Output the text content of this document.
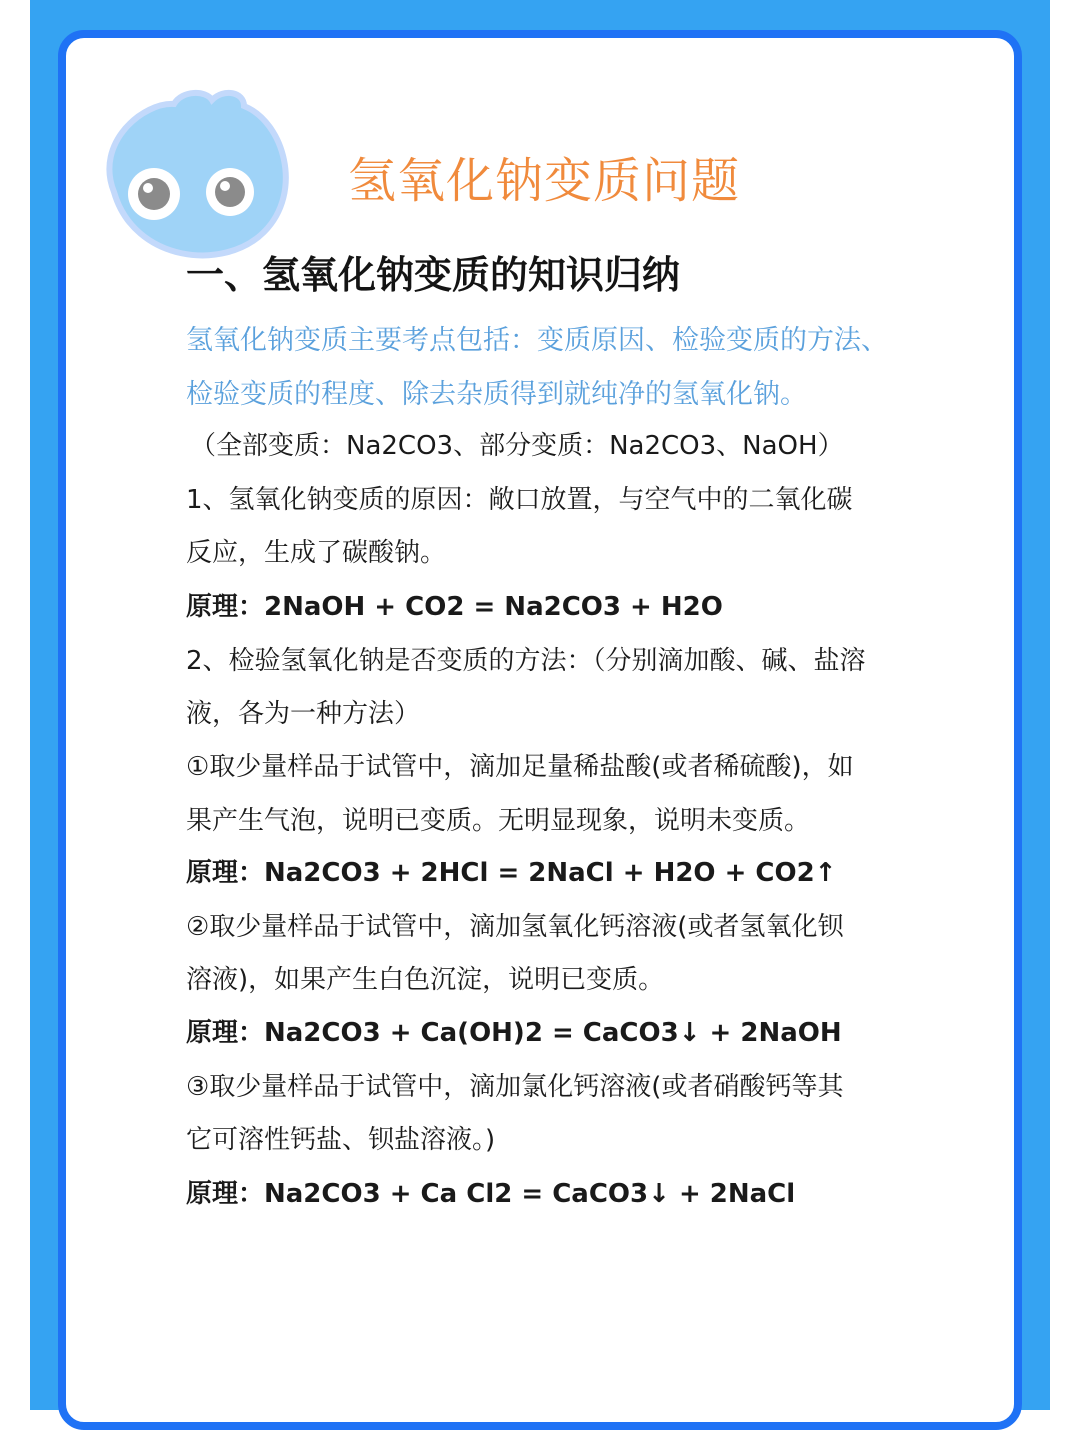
氢氧化钠变质问题
一、氢氧化钠变质的知识归纳
氢氧化钠变质主要考点包括：变质原因、检验变质的方法、
检验变质的程度、除去杂质得到就纯净的氢氧化钠。
（全部变质：Na2CO3、部分变质：Na2CO3、NaOH）
1、氢氧化钠变质的原因：敞口放置，与空气中的二氧化碳
反应，生成了碳酸钠。
原理：2NaOH + CO2 = Na2CO3 + H2O
2、检验氢氧化钠是否变质的方法：（分别滴加酸、碱、盐溶
液，各为一种方法）
①取少量样品于试管中，滴加足量稀盐酸(或者稀硫酸)，如
果产生气泡，说明已变质。无明显现象，说明未变质。
原理：Na2CO3 + 2HCl = 2NaCl + H2O + CO2↑
②取少量样品于试管中，滴加氢氧化钙溶液(或者氢氧化钡
溶液)，如果产生白色沉淀，说明已变质。
原理：Na2CO3 + Ca(OH)2 = CaCO3↓ + 2NaOH
③取少量样品于试管中，滴加氯化钙溶液(或者硝酸钙等其
它可溶性钙盐、钡盐溶液。)
原理：Na2CO3 + Ca Cl2 = CaCO3↓ + 2NaCl
